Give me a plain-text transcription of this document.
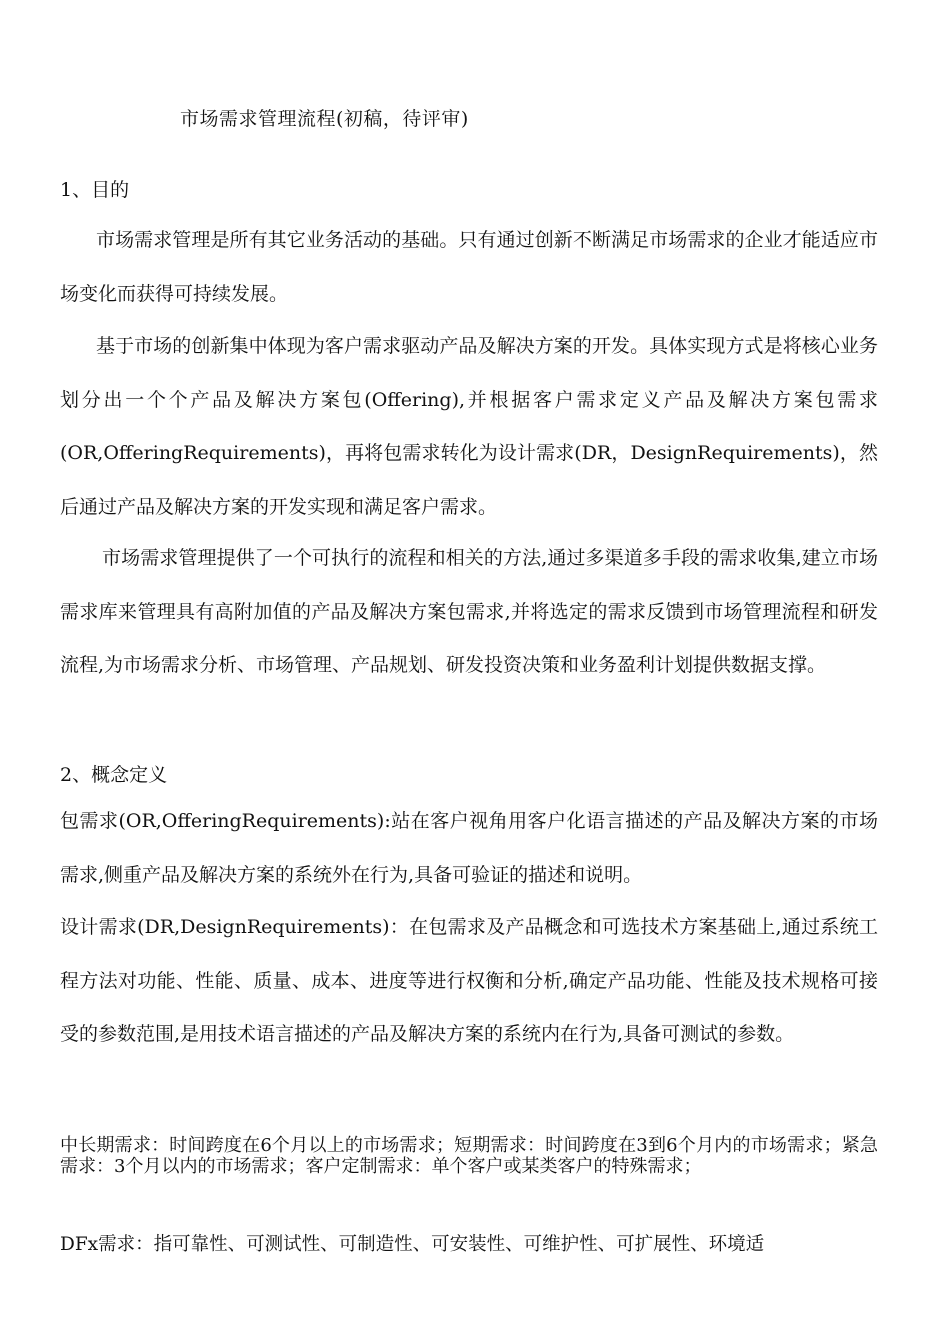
市场需求管理流程(初稿，待评审)
1、目的
市场需求管理是所有其它业务活动的基础。只有通过创新不断满足市场需求的企业才能适应市场变化而获得可持续发展。
基于市场的创新集中体现为客户需求驱动产品及解决方案的开发。具体实现方式是将核心业务划分出一个个产品及解决方案包(Offering),并根据客户需求定义产品及解决方案包需求(OR,OfferingRequirements)，再将包需求转化为设计需求(DR，DesignRequirements)，然后通过产品及解决方案的开发实现和满足客户需求。
市场需求管理提供了一个可执行的流程和相关的方法,通过多渠道多手段的需求收集,建立市场需求库来管理具有高附加值的产品及解决方案包需求,并将选定的需求反馈到市场管理流程和研发流程,为市场需求分析、市场管理、产品规划、研发投资决策和业务盈利计划提供数据支撑。
2、概念定义
包需求(OR,OfferingRequirements):站在客户视角用客户化语言描述的产品及解决方案的市场需求,侧重产品及解决方案的系统外在行为,具备可验证的描述和说明。
设计需求(DR,DesignRequirements)：在包需求及产品概念和可选技术方案基础上,通过系统工程方法对功能、性能、质量、成本、进度等进行权衡和分析,确定产品功能、性能及技术规格可接受的参数范围,是用技术语言描述的产品及解决方案的系统内在行为,具备可测试的参数。
中长期需求：时间跨度在6个月以上的市场需求；短期需求：时间跨度在3到6个月内的市场需求；紧急需求：3个月以内的市场需求；客户定制需求：单个客户或某类客户的特殊需求；
DFx需求：指可靠性、可测试性、可制造性、可安装性、可维护性、可扩展性、环境适
